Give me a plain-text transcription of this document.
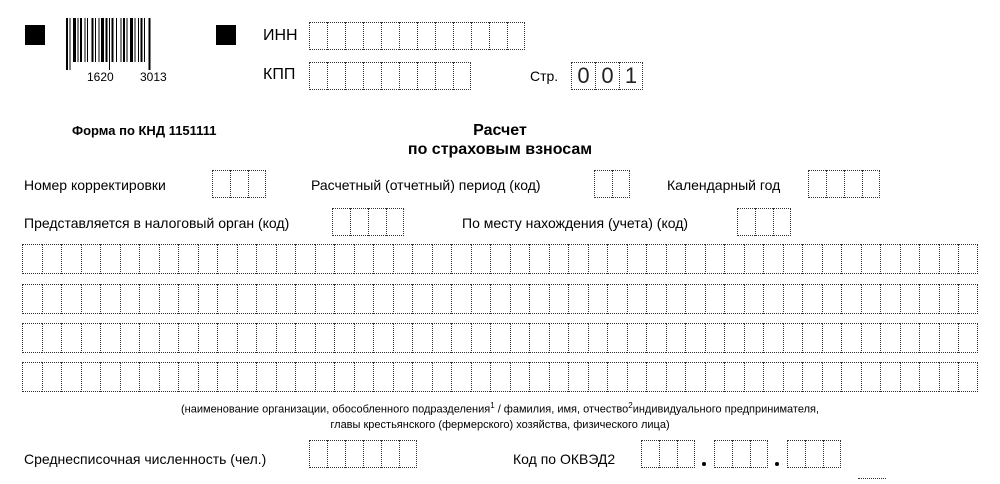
1620 3013
ИНН
КПП	Стр. 0 0 1
Форма по КНД 1151111	Расчет
по страховым взносам
Номер корректировки	Расчетный (отчетный) период (код)	Календарный год
Представляется в налоговый орган (код)	По месту нахождения (учета) (код)
(наименование организации, обособленного подразделения$^1$ / фамилия, имя, отчество$^2$индивидуального предпринимателя,
главы крестьянского (фермерского) хозяйства, физического лица)
Среднесписочная численность (чел.)	Код по ОКВЭД2
